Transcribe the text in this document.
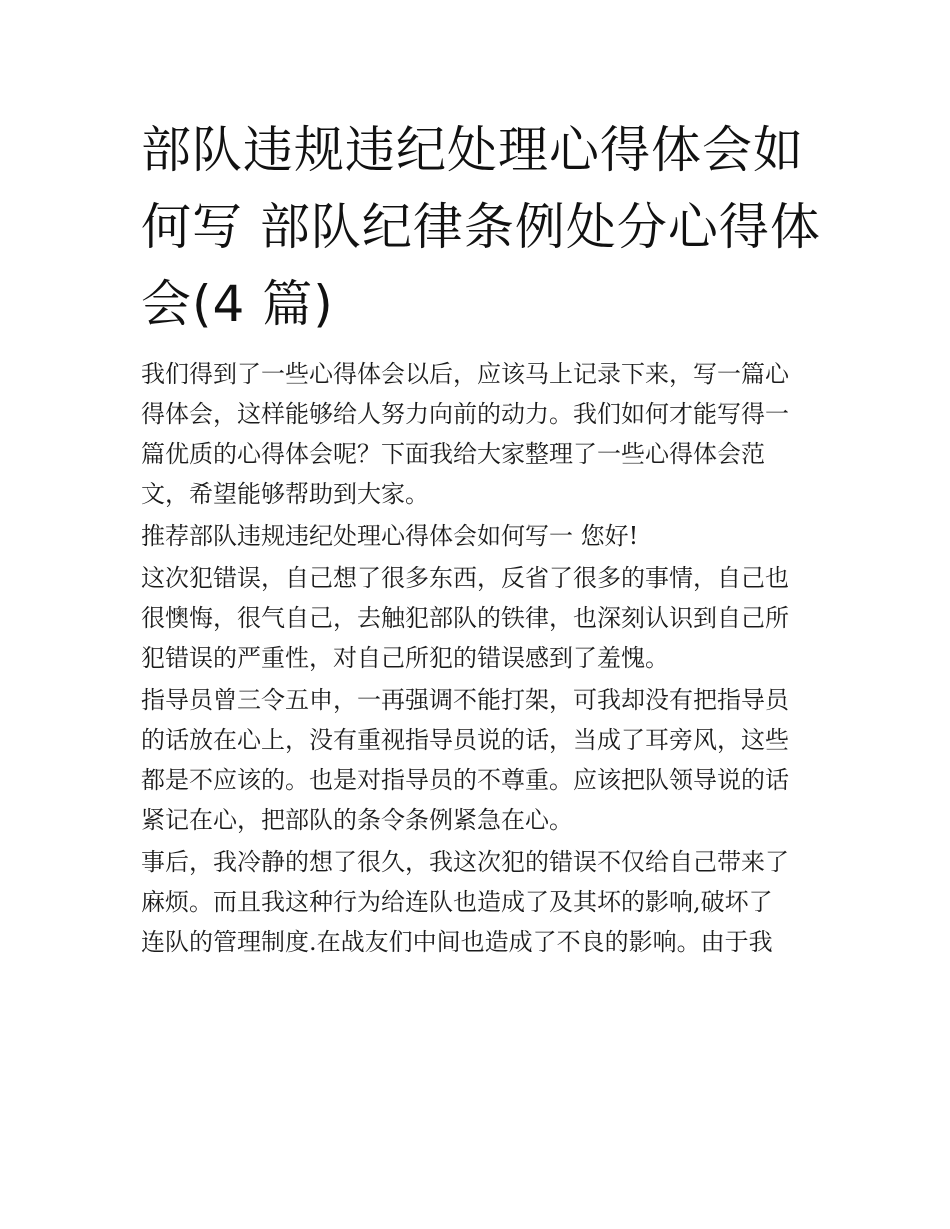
部队违规违纪处理心得体会如
何写 部队纪律条例处分心得体
会(4 篇)

我们得到了一些心得体会以后，应该马上记录下来，写一篇心
得体会，这样能够给人努力向前的动力。我们如何才能写得一
篇优质的心得体会呢？下面我给大家整理了一些心得体会范
文，希望能够帮助到大家。

推荐部队违规违纪处理心得体会如何写一 您好!

这次犯错误，自己想了很多东西，反省了很多的事情，自己也
很懊悔，很气自己，去触犯部队的铁律，也深刻认识到自己所
犯错误的严重性，对自己所犯的错误感到了羞愧。

指导员曾三令五申，一再强调不能打架，可我却没有把指导员
的话放在心上，没有重视指导员说的话，当成了耳旁风，这些
都是不应该的。也是对指导员的不尊重。应该把队领导说的话
紧记在心，把部队的条令条例紧急在心。

事后，我冷静的想了很久，我这次犯的错误不仅给自己带来了
麻烦。而且我这种行为给连队也造成了及其坏的影响,破坏了
连队的管理制度.在战友们中间也造成了不良的影响。由于我
